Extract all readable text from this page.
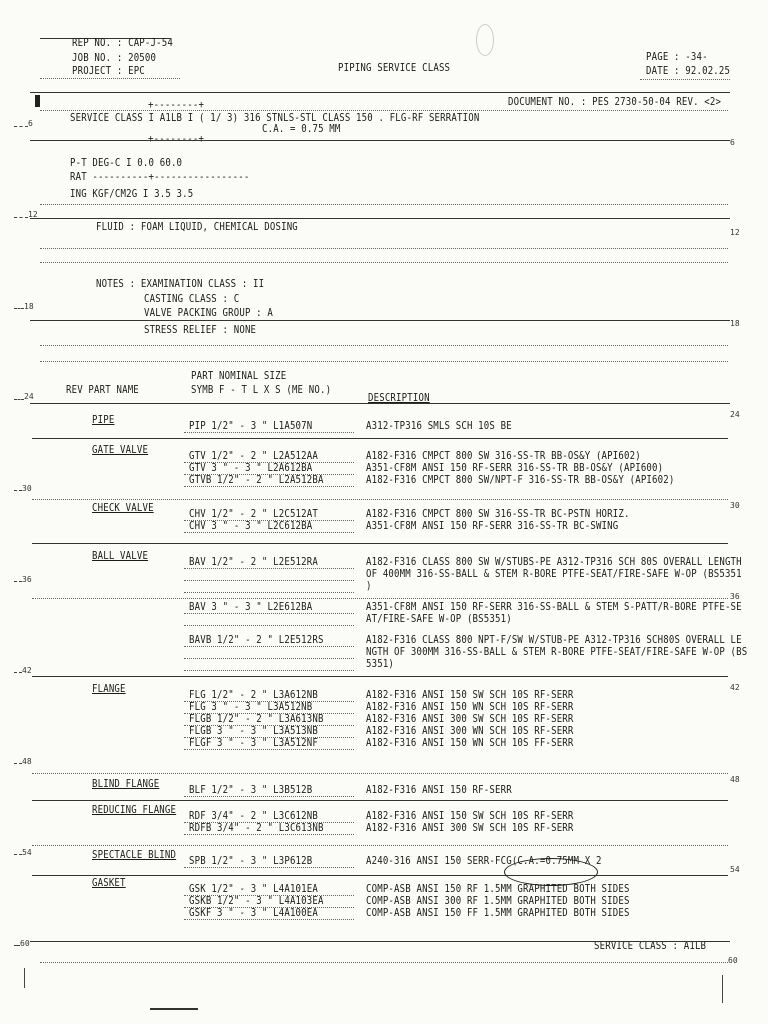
REP NO. : CAP-J-54
JOB NO. : 20500
PROJECT : EPC	PIPING SERVICE CLASS
PAGE : -34-
DATE : 92.02.25
DOCUMENT NO. : PES 2730-50-04 REV. <2>
+--------+
SERVICE CLASS I A1LB I ( 1/ 3) 316 STNLS-STL CLASS 150 . FLG-RF SERRATION
C.A. = 0.75 MM
+--------+
P-T DEG-C I 0.0 60.0
RAT ----------+-----------------
ING KGF/CM2G I 3.5 3.5
FLUID : FOAM LIQUID, CHEMICAL DOSING
NOTES : EXAMINATION CLASS : II
CASTING CLASS : C
VALVE PACKING GROUP : A
STRESS RELIEF : NONE
PART NOMINAL SIZE
REV PART NAME	SYMB F - T L X S (ME NO.)
DESCRIPTION
PIPE	PIP 1/2" - 3 " L1A507N	A312-TP316 SMLS SCH 10S BE
GATE VALVE	GTV 1/2" - 2 " L2A512AA	A182-F316 CMPCT 800 SW 316-SS-TR BB-OS&Y (API602)
GTV 3 " - 3 " L2A612BA	A351-CF8M ANSI 150 RF-SERR 316-SS-TR BB-OS&Y (API600)
GTVB 1/2" - 2 " L2A512BA	A182-F316 CMPCT 800 SW/NPT-F 316-SS-TR BB-OS&Y (API602)
CHECK VALVE	CHV 1/2" - 2 " L2C512AT	A182-F316 CMPCT 800 SW 316-SS-TR BC-PSTN HORIZ.
CHV 3 " - 3 " L2C612BA	A351-CF8M ANSI 150 RF-SERR 316-SS-TR BC-SWING
BALL VALVE	BAV 1/2" - 2 " L2E512RA	A182-F316 CLASS 800 SW W/STUBS-PE A312-TP316 SCH 80S OVERALL LENGTH
OF 400MM 316-SS-BALL & STEM R-BORE PTFE-SEAT/FIRE-SAFE W-OP (BS5351
)
BAV 3 " - 3 " L2E612BA	A351-CF8M ANSI 150 RF-SERR 316-SS-BALL & STEM S-PATT/R-BORE PTFE-SE
AT/FIRE-SAFE W-OP (BS5351)
BAVB 1/2" - 2 " L2E512RS	A182-F316 CLASS 800 NPT-F/SW W/STUB-PE A312-TP316 SCH80S OVERALL LE
NGTH OF 300MM 316-SS-BALL & STEM R-BORE PTFE-SEAT/FIRE-SAFE W-OP (BS
5351)
FLANGE	FLG 1/2" - 2 " L3A612NB	A182-F316 ANSI 150 SW SCH 10S RF-SERR
FLG 3 " - 3 " L3A512NB	A182-F316 ANSI 150 WN SCH 10S RF-SERR
FLGB 1/2" - 2 " L3A613NB	A182-F316 ANSI 300 SW SCH 10S RF-SERR
FLGB 3 " - 3 " L3A513NB	A182-F316 ANSI 300 WN SCH 10S RF-SERR
FLGF 3 " - 3 " L3A512NF	A182-F316 ANSI 150 WN SCH 10S FF-SERR
BLIND FLANGE	BLF 1/2" - 3 " L3B512B	A182-F316 ANSI 150 RF-SERR
REDUCING FLANGE RDF 3/4" - 2 " L3C612NB	A182-F316 ANSI 150 SW SCH 10S RF-SERR
RDFB 3/4" - 2 " L3C613NB	A182-F316 ANSI 300 SW SCH 10S RF-SERR
SPECTACLE BLIND SPB 1/2" - 3 " L3P612B	A240-316 ANSI 150 SERR-FCG(C.A.=0.75MM X 2
GASKET	GSK 1/2" - 3 " L4A101EA	COMP-ASB ANSI 150 RF 1.5MM GRAPHITED BOTH SIDES
GSKB 1/2" - 3 " L4A103EA	COMP-ASB ANSI 300 RF 1.5MM GRAPHITED BOTH SIDES
GSKF 3 " - 3 " L4A100EA	COMP-ASB ANSI 150 FF 1.5MM GRAPHITED BOTH SIDES
SERVICE CLASS : A1LB
6
6
12
12
18
18
24
24
30
30
36
36
42
42
48
48
54
54
60
60
